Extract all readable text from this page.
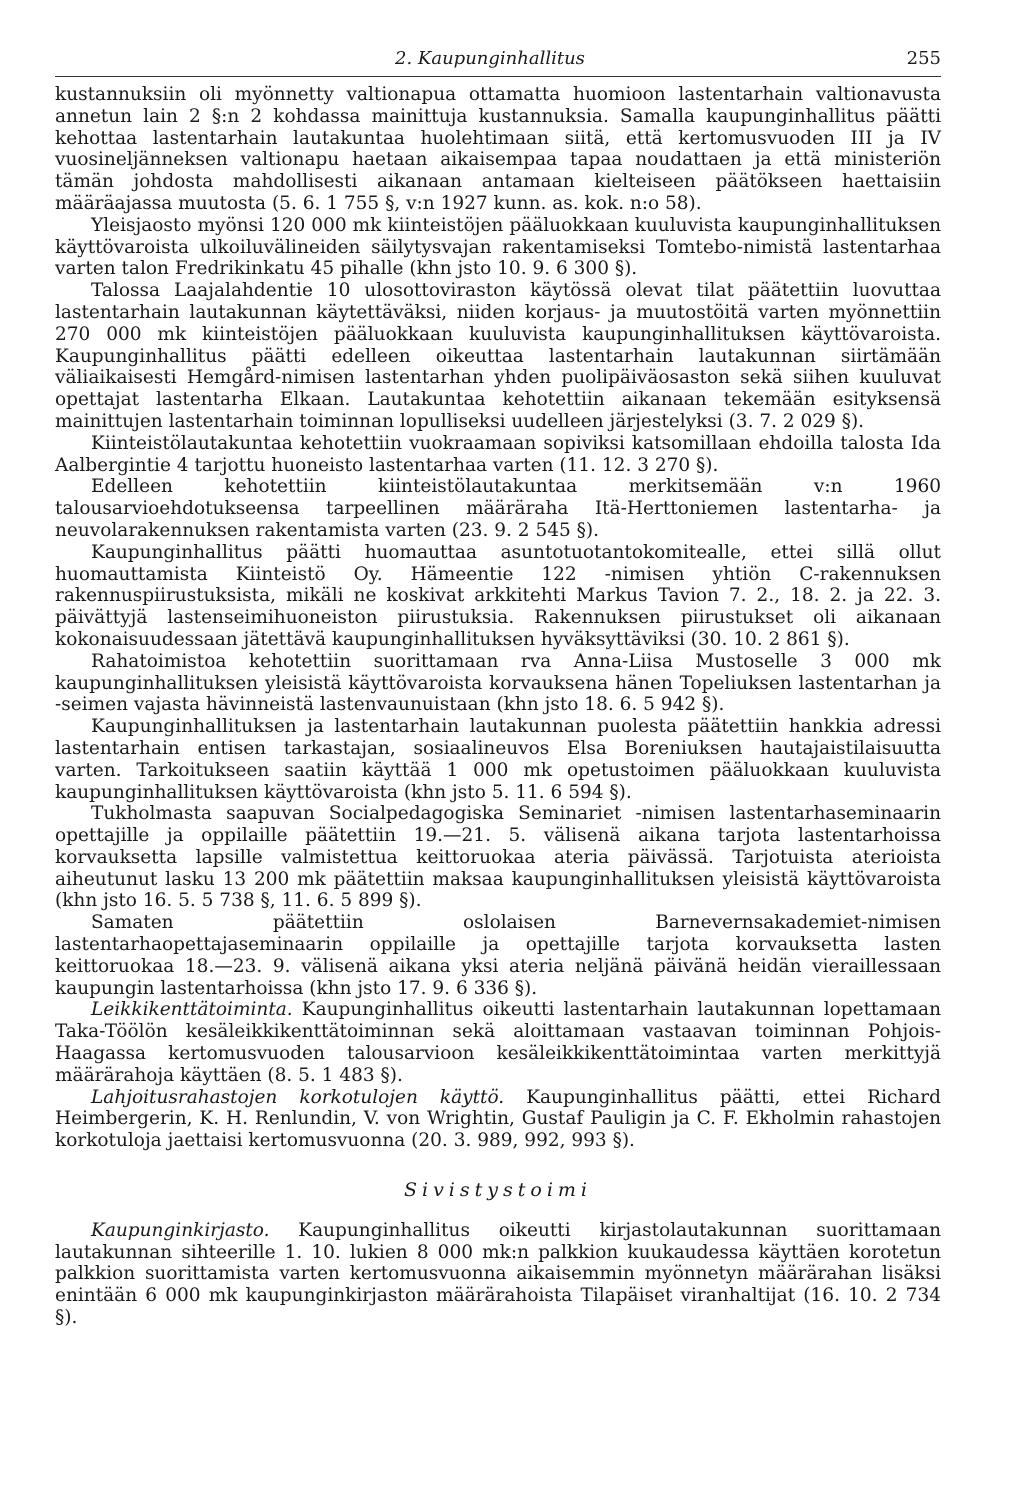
2. Kaupunginhallitus	255

kustannuksiin oli myönnetty valtionapua ottamatta huomioon lastentarhain valtionavusta annetun lain 2 §:n 2 kohdassa mainittuja kustannuksia. Samalla kaupunginhallitus päätti kehottaa lastentarhain lautakuntaa huolehtimaan siitä, että kertomusvuoden III ja IV vuosineljänneksen valtionapu haetaan aikaisempaa tapaa noudattaen ja että ministeriön tämän johdosta mahdollisesti aikanaan antamaan kielteiseen päätökseen haettaisiin määräajassa muutosta (5. 6. 1 755 §, v:n 1927 kunn. as. kok. n:o 58).

Yleisjaosto myönsi 120 000 mk kiinteistöjen pääluokkaan kuuluvista kaupunginhallituksen käyttövaroista ulkoiluvälineiden säilytysvajan rakentamiseksi Tomtebo-nimistä lastentarhaa varten talon Fredrikinkatu 45 pihalle (khn jsto 10. 9. 6 300 §).

Talossa Laajalahdentie 10 ulosottoviraston käytössä olevat tilat päätettiin luovuttaa lastentarhain lautakunnan käytettäväksi, niiden korjaus- ja muutostöitä varten myönnettiin 270 000 mk kiinteistöjen pääluokkaan kuuluvista kaupunginhallituksen käyttövaroista. Kaupunginhallitus päätti edelleen oikeuttaa lastentarhain lautakunnan siirtämään väliaikaisesti Hemgård-nimisen lastentarhan yhden puolipäiväosaston sekä siihen kuuluvat opettajat lastentarha Elkaan. Lautakuntaa kehotettiin aikanaan tekemään esityksensä mainittujen lastentarhain toiminnan lopulliseksi uudelleen järjestelyksi (3. 7. 2 029 §).

Kiinteistölautakuntaa kehotettiin vuokraamaan sopiviksi katsomillaan ehdoilla talosta Ida Aalbergintie 4 tarjottu huoneisto lastentarhaa varten (11. 12. 3 270 §).

Edelleen kehotettiin kiinteistölautakuntaa merkitsemään v:n 1960 talousarvioehdotukseensa tarpeellinen määräraha Itä-Herttoniemen lastentarha- ja neuvolarakennuksen rakentamista varten (23. 9. 2 545 §).

Kaupunginhallitus päätti huomauttaa asuntotuotantokomitealle, ettei sillä ollut huomauttamista Kiinteistö Oy. Hämeentie 122 -nimisen yhtiön C-rakennuksen rakennuspiirustuksista, mikäli ne koskivat arkkitehti Markus Tavion 7. 2., 18. 2. ja 22. 3. päivättyjä lastenseimihuoneiston piirustuksia. Rakennuksen piirustukset oli aikanaan kokonaisuudessaan jätettävä kaupunginhallituksen hyväksyttäviksi (30. 10. 2 861 §).

Rahatoimistoa kehotettiin suorittamaan rva Anna-Liisa Mustoselle 3 000 mk kaupunginhallituksen yleisistä käyttövaroista korvauksena hänen Topeliuksen lastentarhan ja -seimen vajasta hävinneistä lastenvaunuistaan (khn jsto 18. 6. 5 942 §).

Kaupunginhallituksen ja lastentarhain lautakunnan puolesta päätettiin hankkia adressi lastentarhain entisen tarkastajan, sosiaalineuvos Elsa Boreniuksen hautajaistilaisuutta varten. Tarkoitukseen saatiin käyttää 1 000 mk opetustoimen pääluokkaan kuuluvista kaupunginhallituksen käyttövaroista (khn jsto 5. 11. 6 594 §).

Tukholmasta saapuvan Socialpedagogiska Seminariet -nimisen lastentarhaseminaarin opettajille ja oppilaille päätettiin 19.—21. 5. välisenä aikana tarjota lastentarhoissa korvauksetta lapsille valmistettua keittoruokaa ateria päivässä. Tarjotuista aterioista aiheutunut lasku 13 200 mk päätettiin maksaa kaupunginhallituksen yleisistä käyttövaroista (khn jsto 16. 5. 5 738 §, 11. 6. 5 899 §).

Samaten päätettiin oslolaisen Barnevernsakademiet-nimisen lastentarhaopettajaseminaarin oppilaille ja opettajille tarjota korvauksetta lasten keittoruokaa 18.—23. 9. välisenä aikana yksi ateria neljänä päivänä heidän vieraillessaan kaupungin lastentarhoissa (khn jsto 17. 9. 6 336 §).

Leikkikenttätoiminta. Kaupunginhallitus oikeutti lastentarhain lautakunnan lopettamaan Taka-Töölön kesäleikkikenttätoiminnan sekä aloittamaan vastaavan toiminnan Pohjois-Haagassa kertomusvuoden talousarvioon kesäleikkikenttätoimintaa varten merkittyjä määrärahoja käyttäen (8. 5. 1 483 §).

Lahjoitusrahastojen korkotulojen käyttö. Kaupunginhallitus päätti, ettei Richard Heimbergerin, K. H. Renlundin, V. von Wrightin, Gustaf Pauligin ja C. F. Ekholmin rahastojen korkotuloja jaettaisi kertomusvuonna (20. 3. 989, 992, 993 §).

Sivistystoimi

Kaupunginkirjasto. Kaupunginhallitus oikeutti kirjastolautakunnan suorittamaan lautakunnan sihteerille 1. 10. lukien 8 000 mk:n palkkion kuukaudessa käyttäen korotetun palkkion suorittamista varten kertomusvuonna aikaisemmin myönnetyn määrärahan lisäksi enintään 6 000 mk kaupunginkirjaston määrärahoista Tilapäiset viranhaltijat (16. 10. 2 734 §).
